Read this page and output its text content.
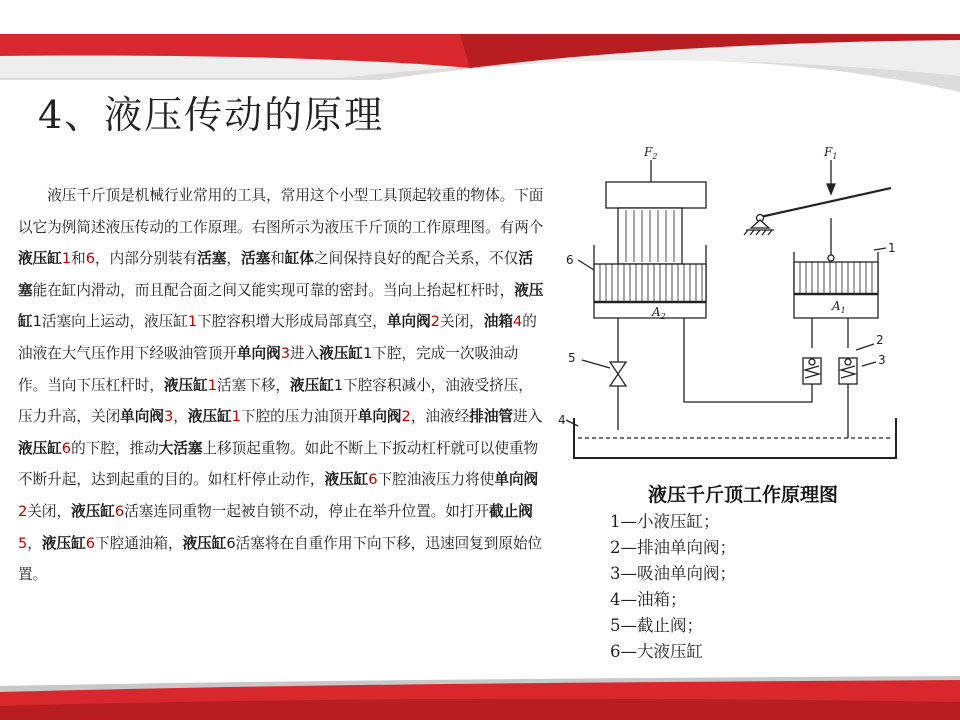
4、液压传动的原理
　　液压千斤顶是机械行业常用的工具，常用这个小型工具顶起较重的物体。下面以它为例简述液压传动的工作原理。右图所示为液压千斤顶的工作原理图。有两个液压缸1和6，内部分别装有活塞，活塞和缸体之间保持良好的配合关系，不仅活塞能在缸内滑动，而且配合面之间又能实现可靠的密封。当向上抬起杠杆时，液压缸1活塞向上运动，液压缸1下腔容积增大形成局部真空，单向阀2关闭，油箱4的油液在大气压作用下经吸油管顶开单向阀3进入液压缸1下腔，完成一次吸油动作。当向下压杠杆时，液压缸1活塞下移，液压缸1下腔容积减小，油液受挤压，压力升高，关闭单向阀3，液压缸1下腔的压力油顶开单向阀2，油液经排油管进入液压缸6的下腔，推动大活塞上移顶起重物。如此不断上下扳动杠杆就可以使重物不断升起，达到起重的目的。如杠杆停止动作，液压缸6下腔油液压力将使单向阀2关闭，液压缸6活塞连同重物一起被自锁不动，停止在举升位置。如打开截止阀5，液压缸6下腔通油箱，液压缸6活塞将在自重作用下向下移，迅速回复到原始位置。
$F_2$	$F_1$
$A_2$
$A_1$
1
2
3
4
5
6
液压千斤顶工作原理图
1—小液压缸；
2—排油单向阀；
3—吸油单向阀；
4—油箱；
5—截止阀；
6—大液压缸
